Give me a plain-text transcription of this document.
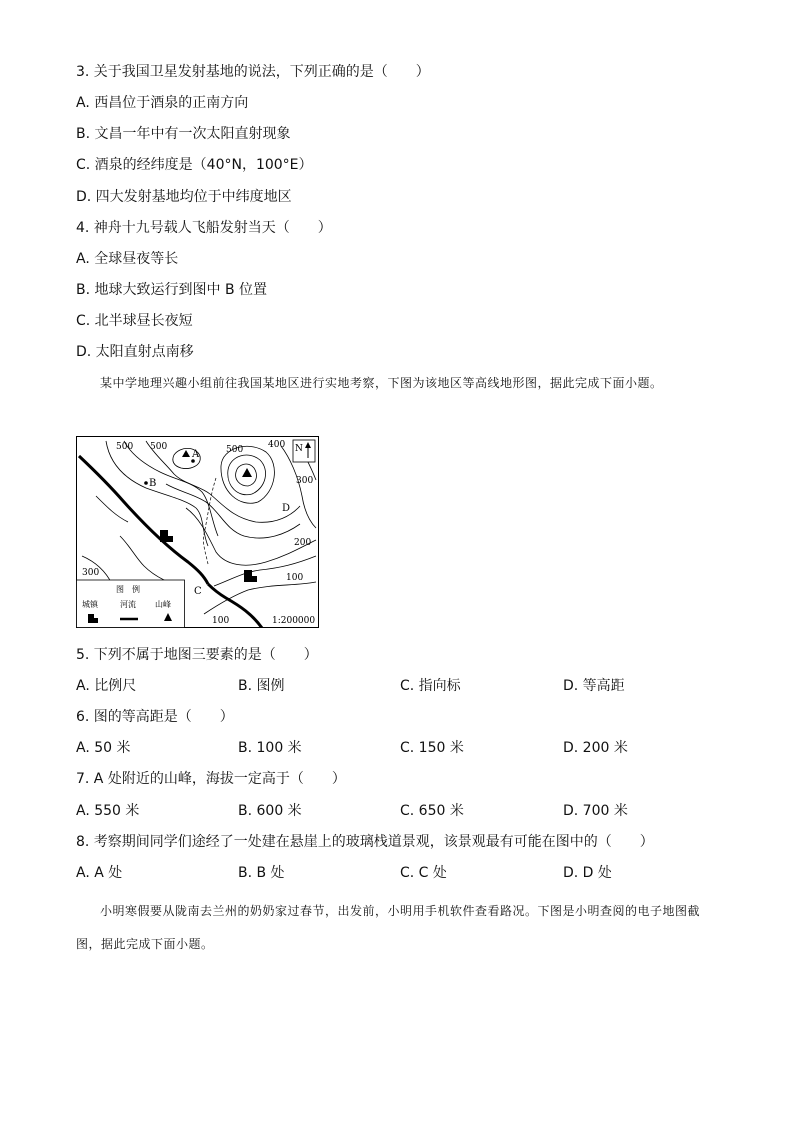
3. 关于我国卫星发射基地的说法，下列正确的是（　　）
A. 西昌位于酒泉的正南方向
B. 文昌一年中有一次太阳直射现象
C. 酒泉的经纬度是（40°N，100°E）
D. 四大发射基地均位于中纬度地区
4. 神舟十九号载人飞船发射当天（　　）
A. 全球昼夜等长
B. 地球大致运行到图中 B 位置
C. 北半球昼长夜短
D. 太阳直射点南移
某中学地理兴趣小组前往我国某地区进行实地考察，下图为该地区等高线地形图，据此完成下面小题。
500 500	500	400
300
200
300	100
100
A
B
C
D
N
1:200000
图　例
城镇	河流 山峰
5. 下列不属于地图三要素的是（　　）
A. 比例尺	B. 图例	C. 指向标	D. 等高距
6. 图的等高距是（　　）
A. 50 米	B. 100 米	C. 150 米	D. 200 米
7. A 处附近的山峰，海拔一定高于（　　）
A. 550 米	B. 600 米	C. 650 米	D. 700 米
8. 考察期间同学们途经了一处建在悬崖上的玻璃栈道景观，该景观最有可能在图中的（　　）
A. A 处	B. B 处	C. C 处	D. D 处
小明寒假要从陇南去兰州的奶奶家过春节，出发前，小明用手机软件查看路况。下图是小明查阅的电子地图截图，据此完成下面小题。
